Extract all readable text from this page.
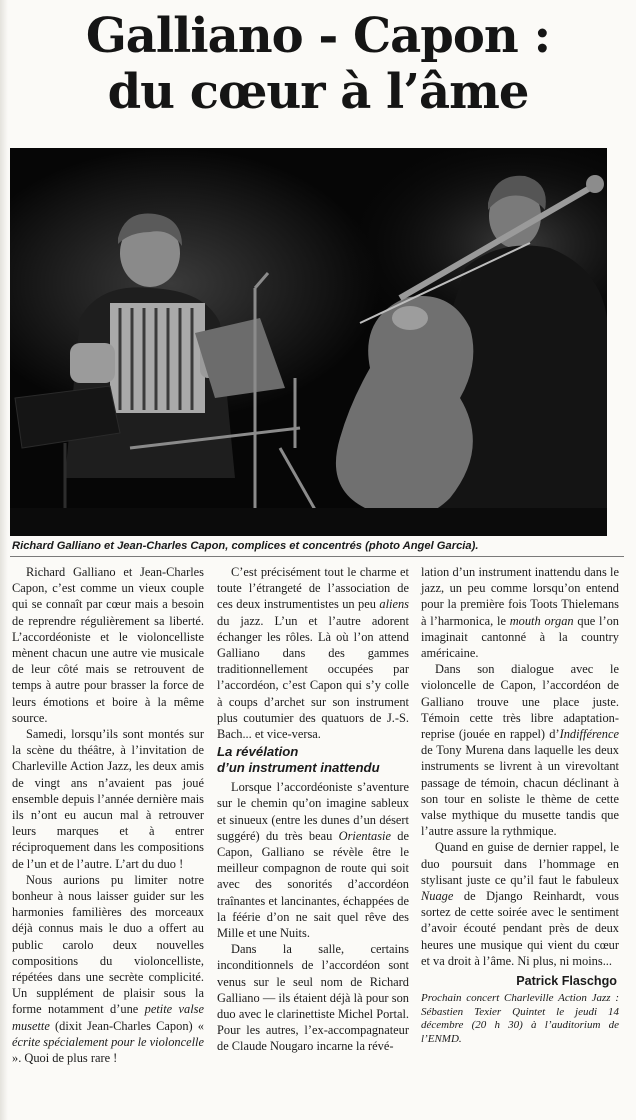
Galliano - Capon :
du cœur à l’âme
Richard Galliano et Jean-Charles Capon, complices et concentrés (photo Angel Garcia).

Richard Galliano et Jean-Charles Capon, c’est comme un vieux couple qui se connaît par cœur mais a besoin de reprendre régulièrement sa liberté. L’accordéoniste et le violoncelliste mènent chacun une autre vie musicale de leur côté mais se retrouvent de temps à autre pour brasser la force de leurs émotions et boire à la même source.

Samedi, lorsqu’ils sont montés sur la scène du théâtre, à l’invitation de Charleville Action Jazz, les deux amis de vingt ans n’avaient pas joué ensemble depuis l’année dernière mais ils n’ont eu aucun mal à retrouver leurs marques et à entrer réciproquement dans les compositions de l’un et de l’autre. L’art du duo !

Nous aurions pu limiter notre bonheur à nous laisser guider sur les harmonies familières des morceaux déjà connus mais le duo a offert au public carolo deux nouvelles compositions du violoncelliste, répétées dans une secrète complicité. Un supplément de plaisir sous la forme notamment d’une petite valse musette (dixit Jean-Charles Capon) « écrite spécialement pour le violoncelle ». Quoi de plus rare !

C’est précisément tout le charme et toute l’étrangeté de l’association de ces deux instrumentistes un peu aliens du jazz. L’un et l’autre adorent échanger les rôles. Là où l’on attend Galliano dans des gammes traditionnellement occupées par l’accordéon, c’est Capon qui s’y colle à coups d’archet sur son instrument plus coutumier des quatuors de J.-S. Bach... et vice-versa.

La révélation
d’un instrument inattendu

Lorsque l’accordéoniste s’aventure sur le chemin qu’on imagine sableux et sinueux (entre les dunes d’un désert suggéré) du très beau Orientasie de Capon, Galliano se révèle être le meilleur compagnon de route qui soit avec des sonorités d’accordéon traînantes et lancinantes, échappées de la féérie d’on ne sait quel rêve des Mille et une Nuits.

Dans la salle, certains inconditionnels de l’accordéon sont venus sur le seul nom de Richard Galliano — ils étaient déjà là pour son duo avec le clarinettiste Michel Portal. Pour les autres, l’ex-accompagnateur de Claude Nougaro incarne la révé-

lation d’un instrument inattendu dans le jazz, un peu comme lorsqu’on entend pour la première fois Toots Thielemans à l’harmonica, le mouth organ que l’on imaginait cantonné à la country américaine.

Dans son dialogue avec le violoncelle de Capon, l’accordéon de Galliano trouve une place juste. Témoin cette très libre adaptation-reprise (jouée en rappel) d’Indifférence de Tony Murena dans laquelle les deux instruments se livrent à un virevoltant passage de témoin, chacun déclinant à son tour en soliste le thème de cette valse mythique du musette tandis que l’autre assure la rythmique.

Quand en guise de dernier rappel, le duo poursuit dans l’hommage en stylisant juste ce qu’il faut le fabuleux Nuage de Django Reinhardt, vous sortez de cette soirée avec le sentiment d’avoir écouté pendant près de deux heures une musique qui vient du cœur et va droit à l’âme. Ni plus, ni moins...

Patrick Flaschgo
Prochain concert Charleville Action Jazz : Sébastien Texier Quintet le jeudi 14 décembre (20 h 30) à l’auditorium de l’ENMD.
